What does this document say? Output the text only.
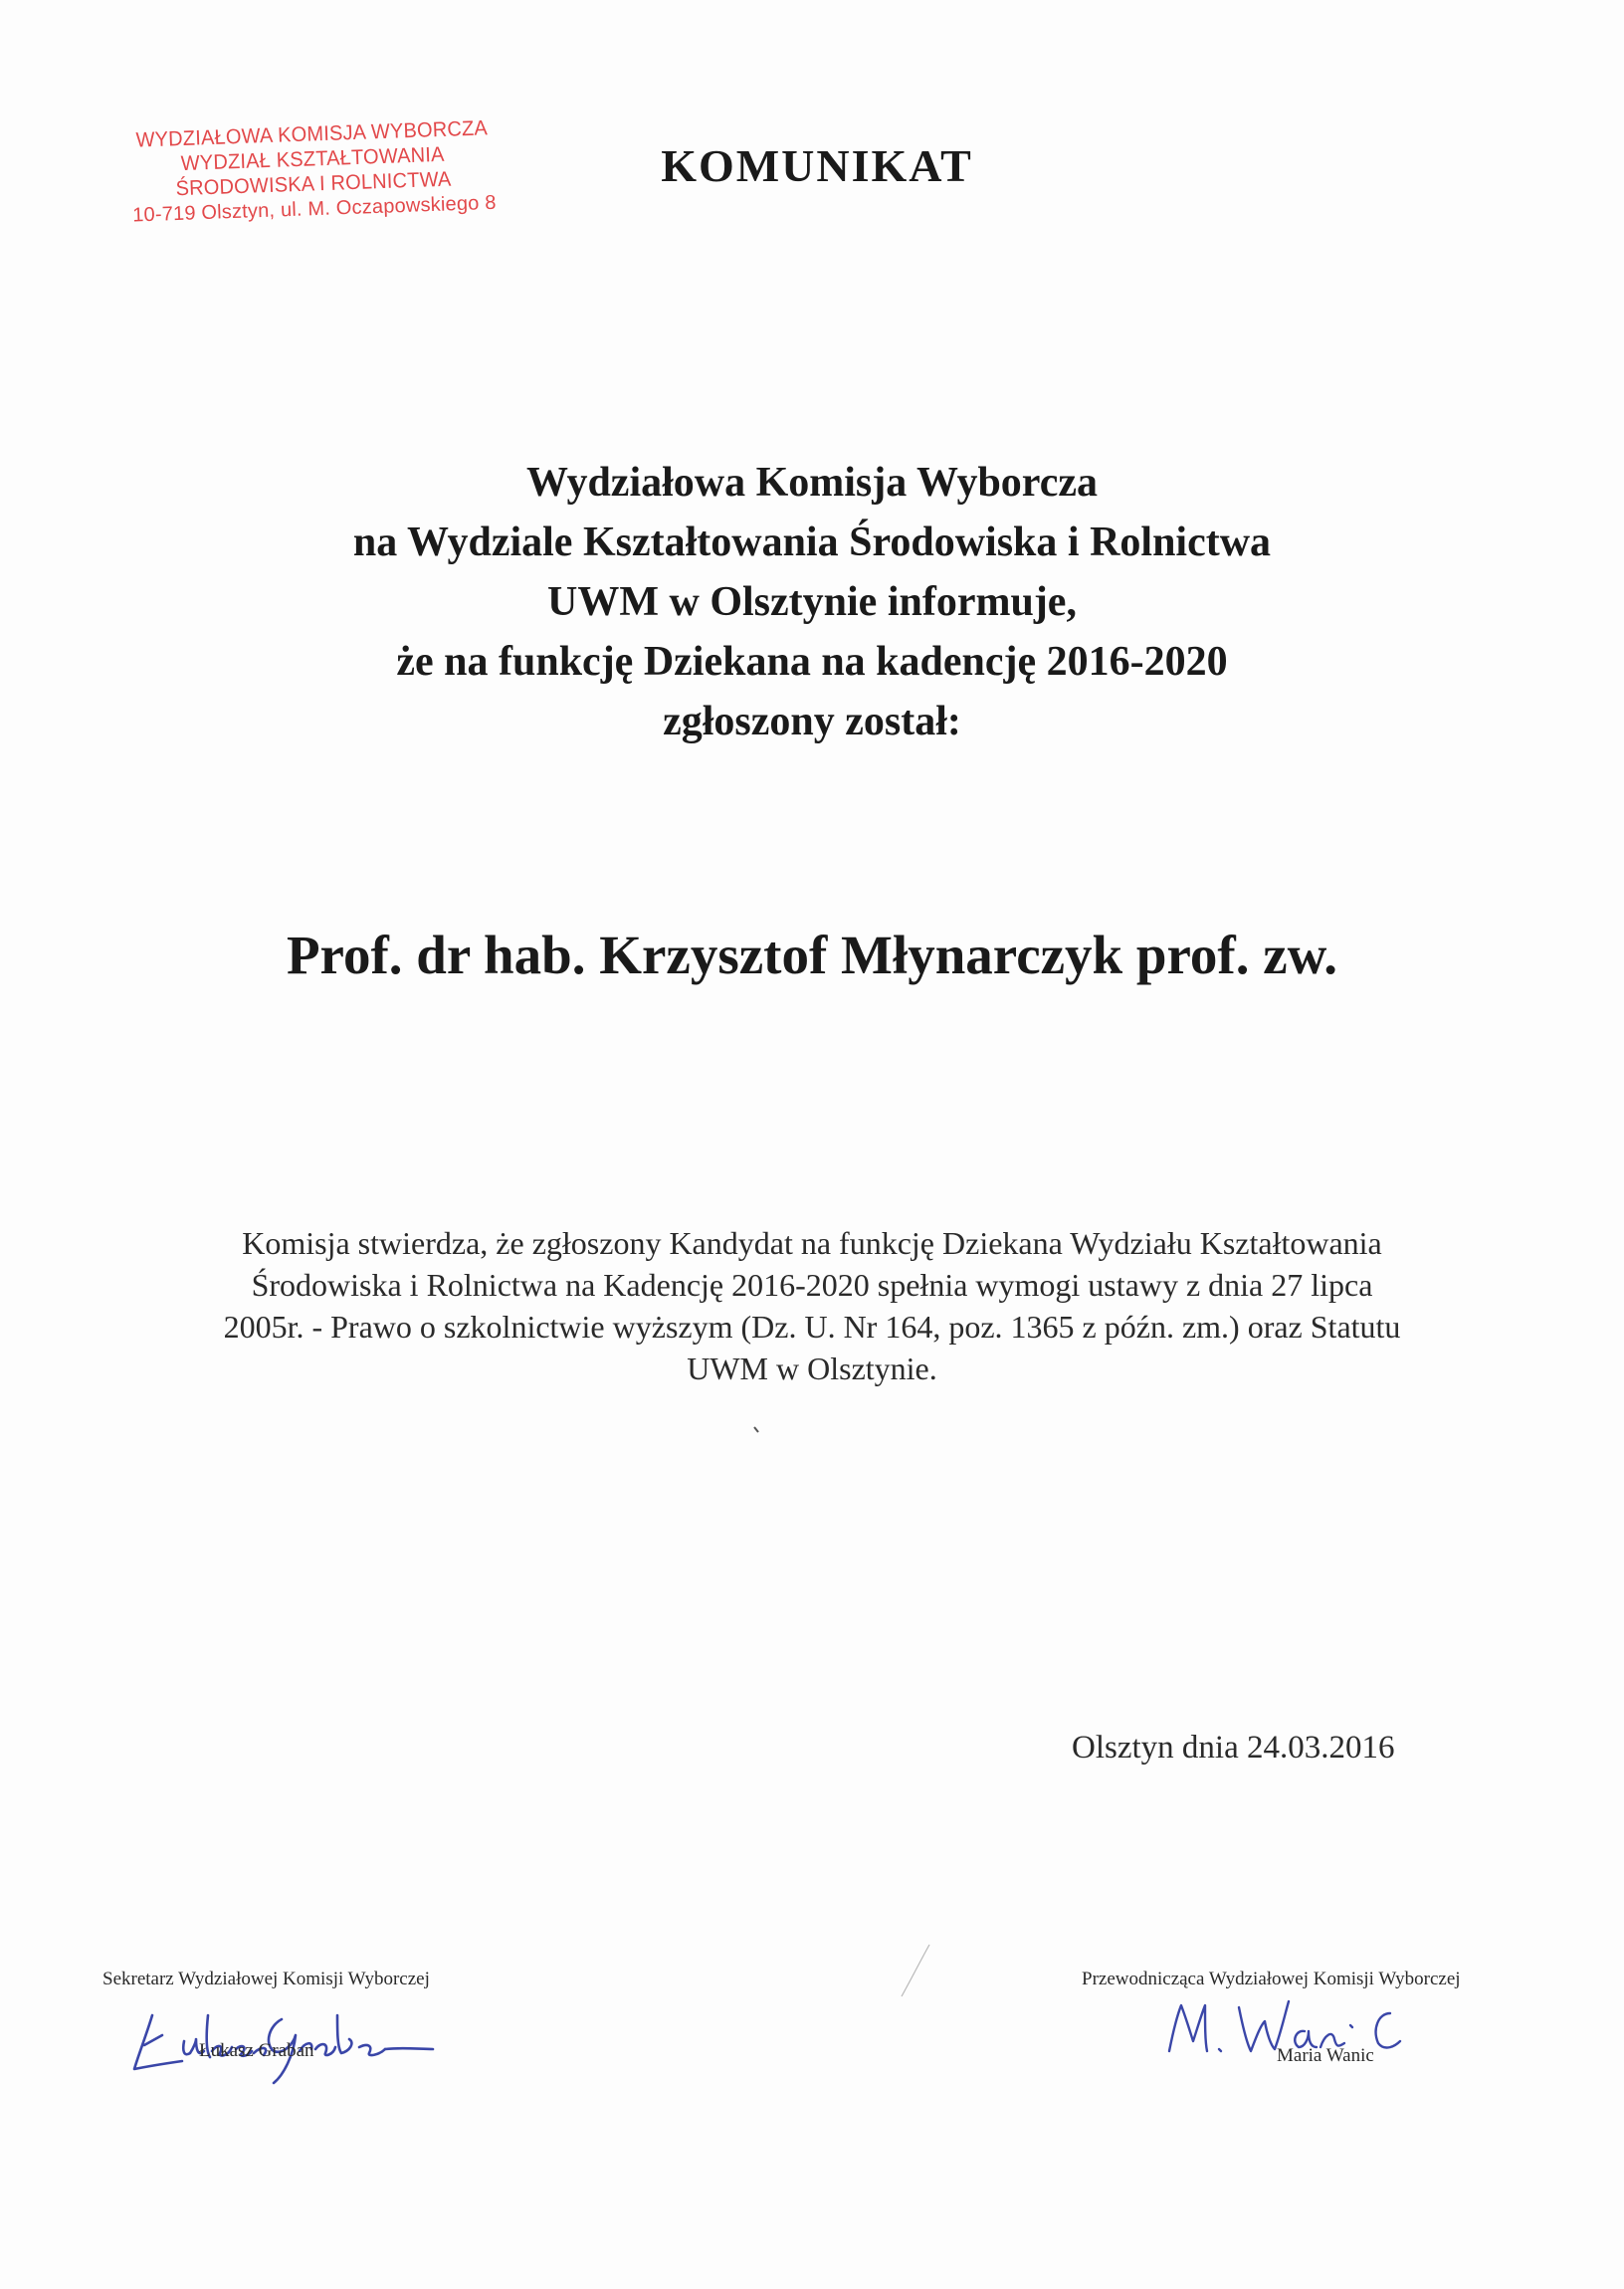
WYDZIAŁOWA KOMISJA WYBORCZA
WYDZIAŁ KSZTAŁTOWANIA
ŚRODOWISKA I ROLNICTWA
10-719 Olsztyn, ul. M. Oczapowskiego 8
KOMUNIKAT
Wydziałowa Komisja Wyborcza
na Wydziale Kształtowania Środowiska i Rolnictwa
UWM w Olsztynie informuje,
że na funkcję Dziekana na kadencję 2016-2020
zgłoszony został:
Prof. dr hab. Krzysztof Młynarczyk prof. zw.
Komisja stwierdza, że zgłoszony Kandydat na funkcję Dziekana Wydziału Kształtowania
Środowiska i Rolnictwa na Kadencję 2016-2020 spełnia wymogi ustawy z dnia 27 lipca
2005r. - Prawo o szkolnictwie wyższym (Dz. U. Nr 164, poz. 1365 z późn. zm.) oraz Statutu
UWM w Olsztynie.
Olsztyn dnia 24.03.2016
Sekretarz Wydziałowej Komisji Wyborczej
Łukasz Graban
Przewodnicząca Wydziałowej Komisji Wyborczej
Maria Wanic
